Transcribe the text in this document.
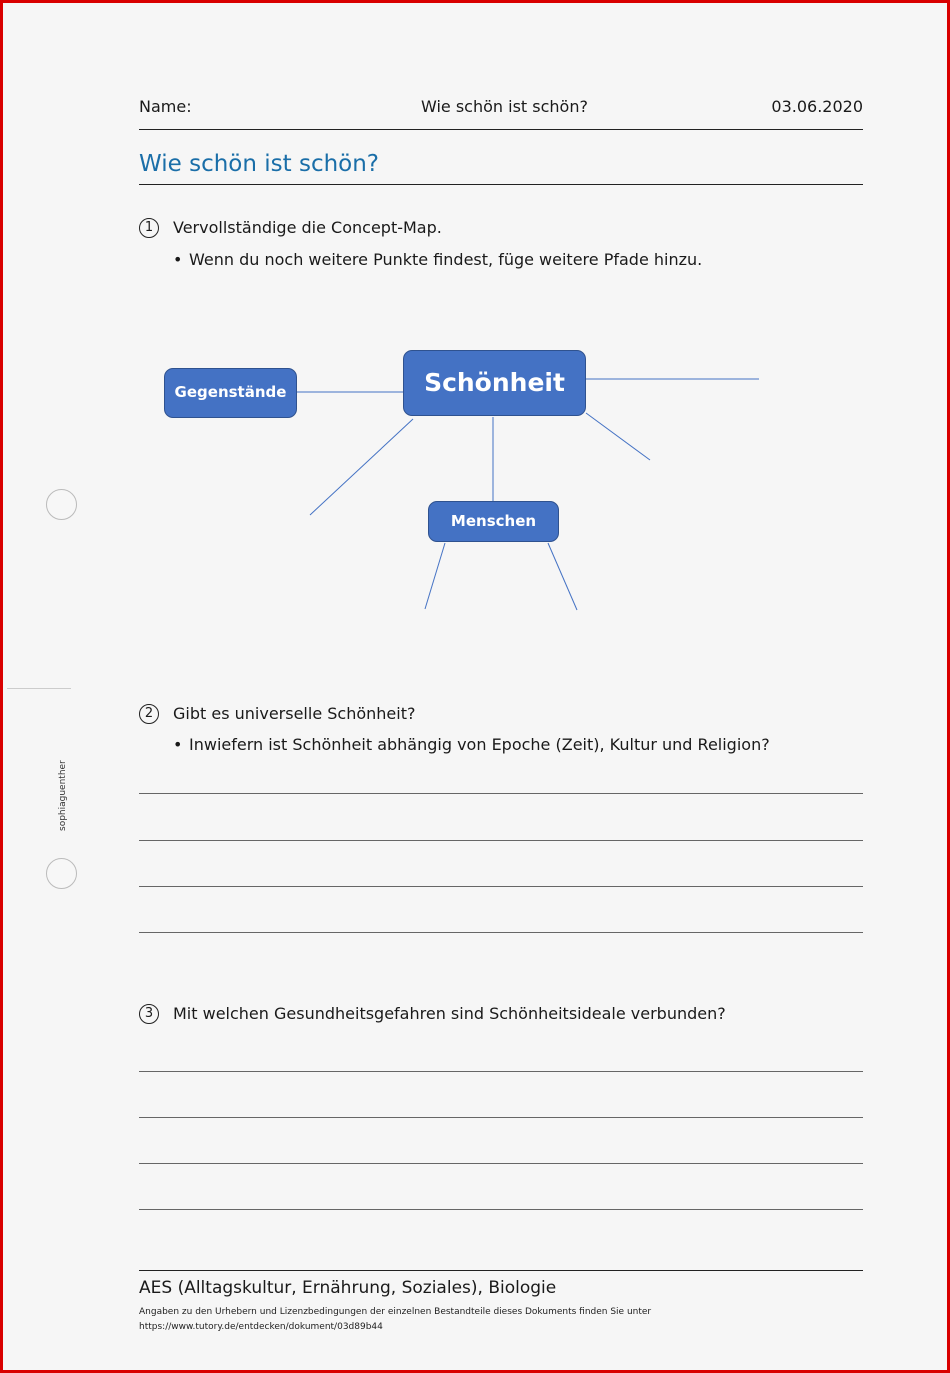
Name:	Wie schön ist schön?	03.06.2020
Wie schön ist schön?
1	Vervollständige die Concept-Map.
• Wenn du noch weitere Punkte findest, füge weitere Pfade hinzu.
Schönheit
Gegenstände
Menschen
2	Gibt es universelle Schönheit?
• Inwiefern ist Schönheit abhängig von Epoche (Zeit), Kultur und Religion?
3	Mit welchen Gesundheitsgefahren sind Schönheitsideale verbunden?
sophiaguenther
AES (Alltagskultur, Ernährung, Soziales), Biologie
Angaben zu den Urhebern und Lizenzbedingungen der einzelnen Bestandteile dieses Dokuments finden Sie unter
https://www.tutory.de/entdecken/dokument/03d89b44
